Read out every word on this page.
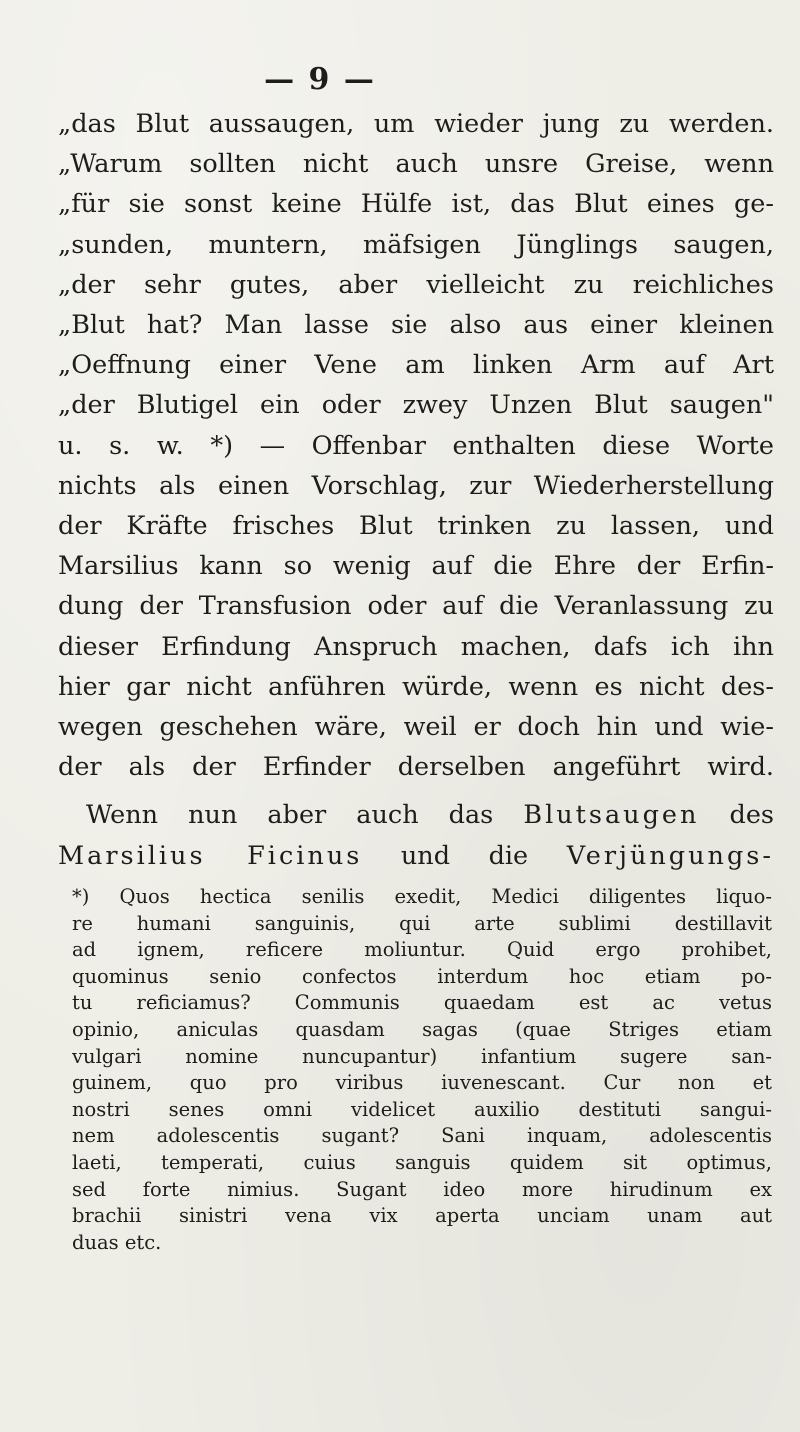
— 9 —
„das Blut aussaugen, um wieder jung zu werden.
„Warum sollten nicht auch unsre Greise, wenn
„für sie sonst keine Hülfe ist, das Blut eines ge-
„sunden, muntern, mäfsigen Jünglings saugen,
„der sehr gutes, aber vielleicht zu reichliches
„Blut hat? Man lasse sie also aus einer kleinen
„Oeffnung einer Vene am linken Arm auf Art
„der Blutigel ein oder zwey Unzen Blut saugen"
u. s. w. *) — Offenbar enthalten diese Worte
nichts als einen Vorschlag, zur Wiederherstellung
der Kräfte frisches Blut trinken zu lassen, und
Marsilius kann so wenig auf die Ehre der Erfin-
dung der Transfusion oder auf die Veranlassung zu
dieser Erfindung Anspruch machen, dafs ich ihn
hier gar nicht anführen würde, wenn es nicht des-
wegen geschehen wäre, weil er doch hin und wie-
der als der Erfinder derselben angeführt wird.
Wenn nun aber auch das Blutsaugen des
Marsilius Ficinus und die Verjüngungs-
*) Quos hectica senilis exedit, Medici diligentes liquo-
re humani sanguinis, qui arte sublimi destillavit
ad ignem, reficere moliuntur. Quid ergo prohibet,
quominus senio confectos interdum hoc etiam po-
tu reficiamus? Communis quaedam est ac vetus
opinio, aniculas quasdam sagas (quae Striges etiam
vulgari nomine nuncupantur) infantium sugere san-
guinem, quo pro viribus iuvenescant. Cur non et
nostri senes omni videlicet auxilio destituti sangui-
nem adolescentis sugant? Sani inquam, adolescentis
laeti, temperati, cuius sanguis quidem sit optimus,
sed forte nimius. Sugant ideo more hirudinum ex
brachii sinistri vena vix aperta unciam unam aut
duas etc.
